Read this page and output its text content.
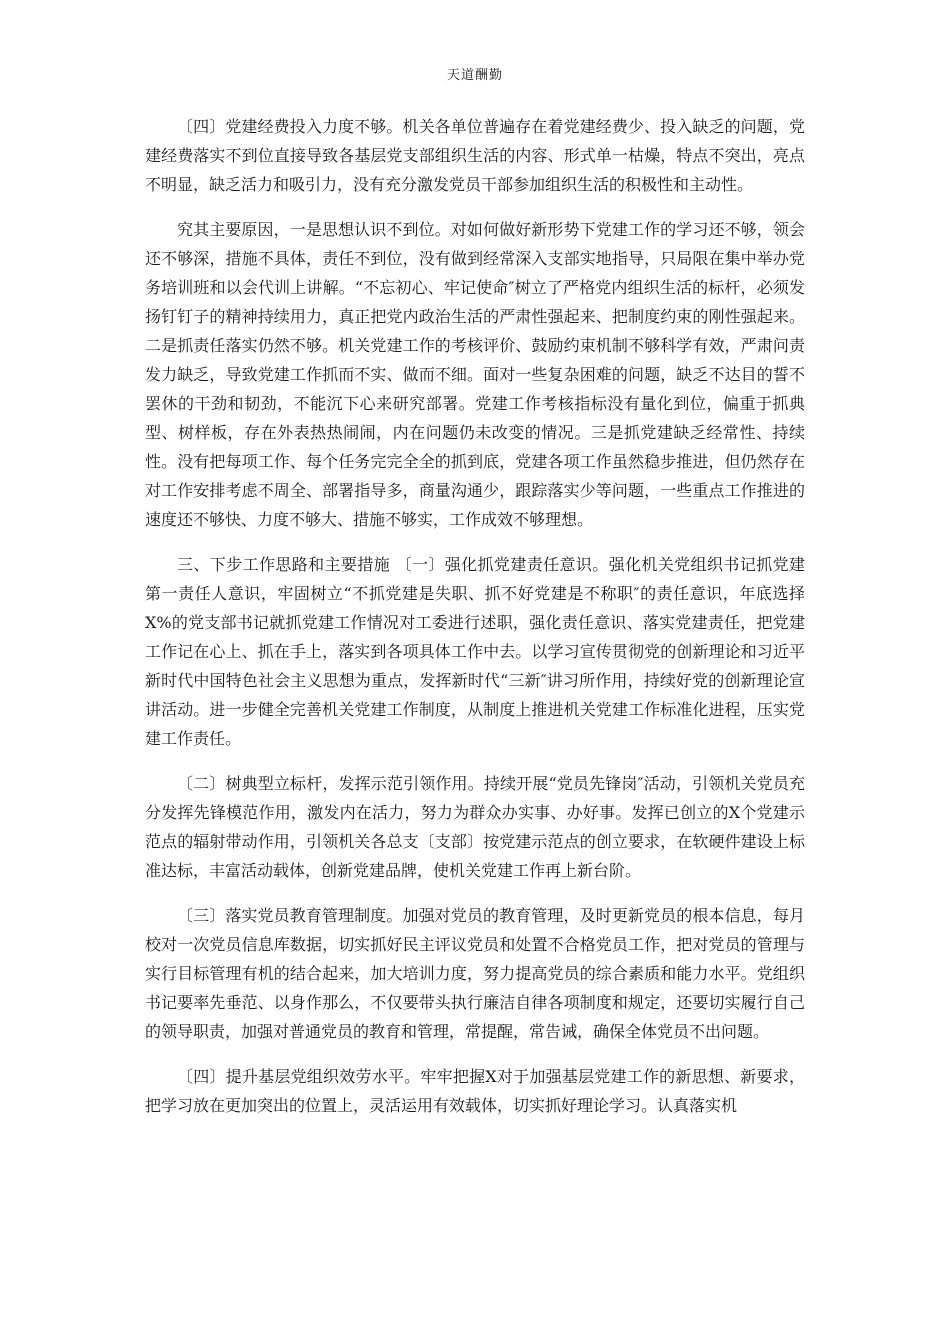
天道酬勤

〔四〕党建经费投入力度不够。机关各单位普遍存在着党建经费少、投入缺乏的问题，党建经费落实不到位直接导致各基层党支部组织生活的内容、形式单一枯燥，特点不突出，亮点不明显，缺乏活力和吸引力，没有充分激发党员干部参加组织生活的积极性和主动性。

究其主要原因，一是思想认识不到位。对如何做好新形势下党建工作的学习还不够，领会还不够深，措施不具体，责任不到位，没有做到经常深入支部实地指导，只局限在集中举办党务培训班和以会代训上讲解。“不忘初心、牢记使命″树立了严格党内组织生活的标杆，必须发扬钉钉子的精神持续用力，真正把党内政治生活的严肃性强起来、把制度约束的刚性强起来。二是抓责任落实仍然不够。机关党建工作的考核评价、鼓励约束机制不够科学有效，严肃问责发力缺乏，导致党建工作抓而不实、做而不细。面对一些复杂困难的问题，缺乏不达目的誓不罢休的干劲和韧劲，不能沉下心来研究部署。党建工作考核指标没有量化到位，偏重于抓典型、树样板，存在外表热热闹闹，内在问题仍未改变的情况。三是抓党建缺乏经常性、持续性。没有把每项工作、每个任务完完全全的抓到底，党建各项工作虽然稳步推进，但仍然存在对工作安排考虑不周全、部署指导多，商量沟通少，跟踪落实少等问题，一些重点工作推进的速度还不够快、力度不够大、措施不够实，工作成效不够理想。

三、下步工作思路和主要措施 〔一〕强化抓党建责任意识。强化机关党组织书记抓党建第一责任人意识，牢固树立“不抓党建是失职、抓不好党建是不称职″的责任意识，年底选择X%的党支部书记就抓党建工作情况对工委进行述职，强化责任意识、落实党建责任，把党建工作记在心上、抓在手上，落实到各项具体工作中去。以学习宣传贯彻党的创新理论和习近平新时代中国特色社会主义思想为重点，发挥新时代“三新″讲习所作用，持续好党的创新理论宣讲活动。进一步健全完善机关党建工作制度，从制度上推进机关党建工作标准化进程，压实党建工作责任。

〔二〕树典型立标杆，发挥示范引领作用。持续开展“党员先锋岗″活动，引领机关党员充分发挥先锋模范作用，激发内在活力，努力为群众办实事、办好事。发挥已创立的X个党建示范点的辐射带动作用，引领机关各总支〔支部〕按党建示范点的创立要求，在软硬件建设上标准达标，丰富活动载体，创新党建品牌，使机关党建工作再上新台阶。

〔三〕落实党员教育管理制度。加强对党员的教育管理，及时更新党员的根本信息，每月校对一次党员信息库数据，切实抓好民主评议党员和处置不合格党员工作，把对党员的管理与实行目标管理有机的结合起来，加大培训力度，努力提高党员的综合素质和能力水平。党组织书记要率先垂范、以身作那么，不仅要带头执行廉洁自律各项制度和规定，还要切实履行自己的领导职责，加强对普通党员的教育和管理，常提醒，常告诫，确保全体党员不出问题。

〔四〕提升基层党组织效劳水平。牢牢把握X对于加强基层党建工作的新思想、新要求，把学习放在更加突出的位置上，灵活运用有效载体，切实抓好理论学习。认真落实机
